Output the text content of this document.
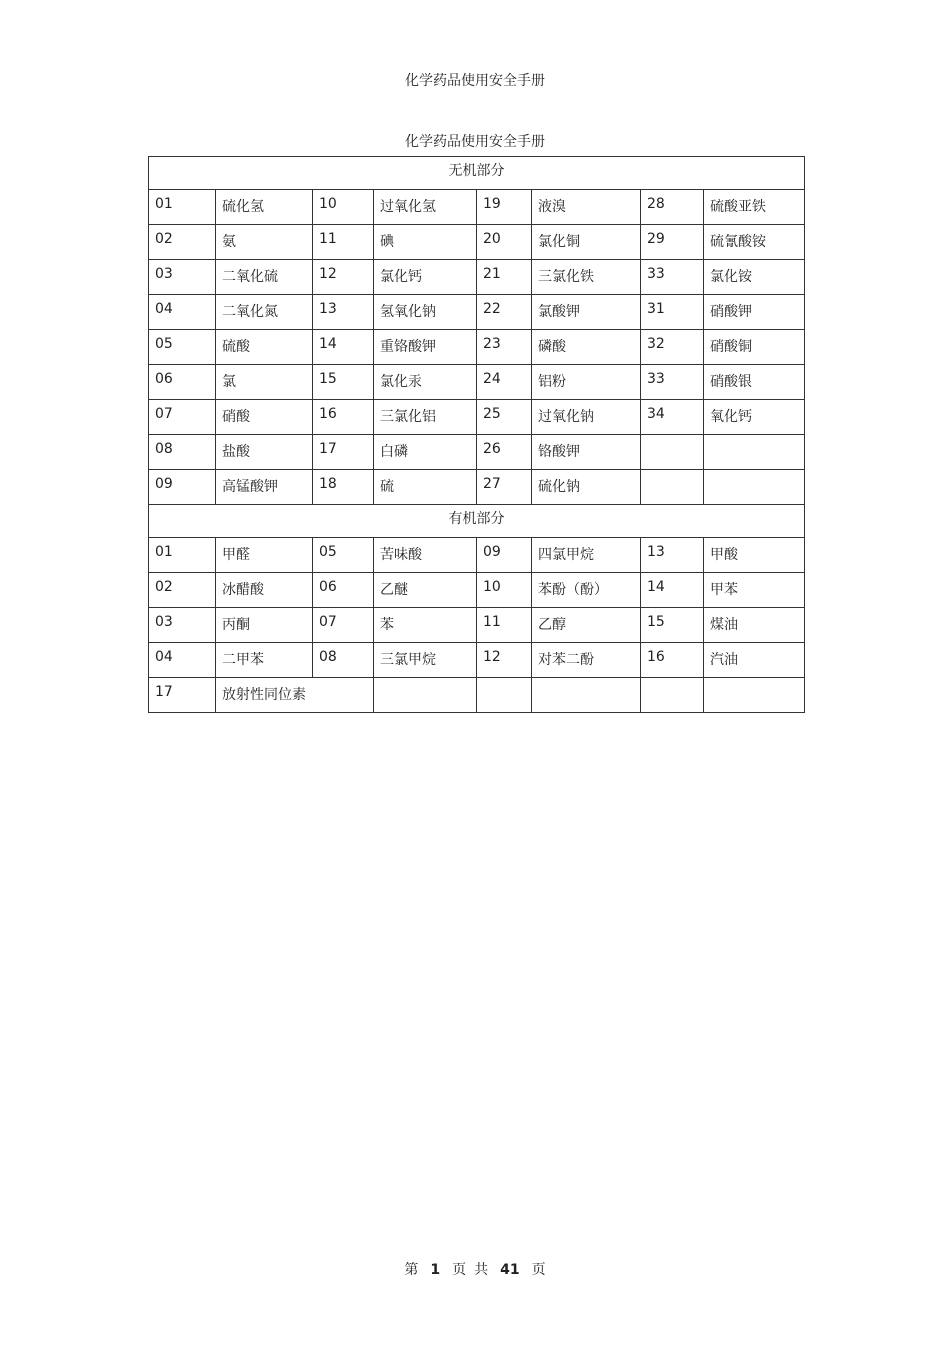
化学药品使用安全手册
化学药品使用安全手册
无机部分							
01	硫化氢	10	过氧化氢	19	液溴	28	硫酸亚铁
02	氨	11	碘	20	氯化铜	29	硫氰酸铵
03	二氧化硫	12	氯化钙	21	三氯化铁	33	氯化铵
04	二氧化氮	13	氢氧化钠	22	氯酸钾	31	硝酸钾
05	硫酸	14	重铬酸钾	23	磷酸	32	硝酸铜
06	氯	15	氯化汞	24	铝粉	33	硝酸银
07	硝酸	16	三氯化铝	25	过氧化钠	34	氧化钙
08	盐酸	17	白磷	26	铬酸钾		
09	高锰酸钾	18	硫	27	硫化钠		
有机部分							
01	甲醛	05	苦味酸	09	四氯甲烷	13	甲酸
02	冰醋酸	06	乙醚	10	苯酚（酚）	14	甲苯
03	丙酮	07	苯	11	乙醇	15	煤油
04	二甲苯	08	三氯甲烷	12	对苯二酚	16	汽油
17	放射性同位素						
第 1 页 共 41 页
